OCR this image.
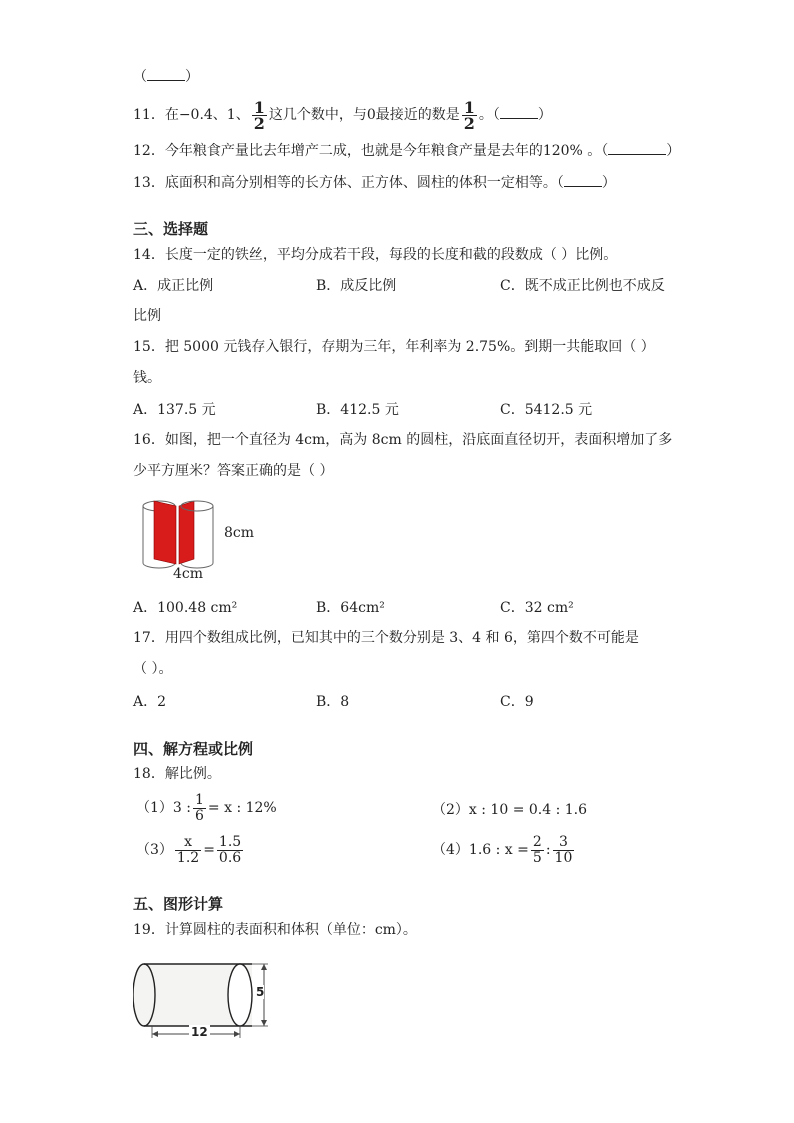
（	）
11．在−0.4、1、 $\frac{1}{2}$ 这几个数中，与0最接近的数是 $\frac{1}{2}$ 。（	）
12．今年粮食产量比去年增产二成，也就是今年粮食产量是去年的120% 。（	）
13．底面积和高分别相等的长方体、正方体、圆柱的体积一定相等。（	）
三、选择题
14．长度一定的铁丝，平均分成若干段，每段的长度和截的段数成（ ）比例。
A．成正比例	B．成反比例	C．既不成正比例也不成反
比例
15．把 5000 元钱存入银行，存期为三年，年利率为 2.75%。到期一共能取回（ ）
钱。
A．137.5 元	B．412.5 元	C．5412.5 元
16．如图，把一个直径为 4cm，高为 8cm 的圆柱，沿底面直径切开，表面积增加了多
少平方厘米？答案正确的是（ ）
8cm
4cm
A．100.48 cm²	B．64cm²	C．32 cm²
17．用四个数组成比例，已知其中的三个数分别是 3、4 和 6，第四个数不可能是
（ ）。
A．2	B．8	C．9
四、解方程或比例
18．解比例。
（1）3 : $\frac{1}{6} = x$ : 12%	（2）x : 10 = 0.4 : 1.6
$(3) \frac{x}{1.2} = \frac{1.5}{0.6}$	（4）1.6 : $x = \frac{2}{5}$ : $\frac{3}{10}$
五、图形计算
19．计算圆柱的表面积和体积（单位：cm）。
5
12
